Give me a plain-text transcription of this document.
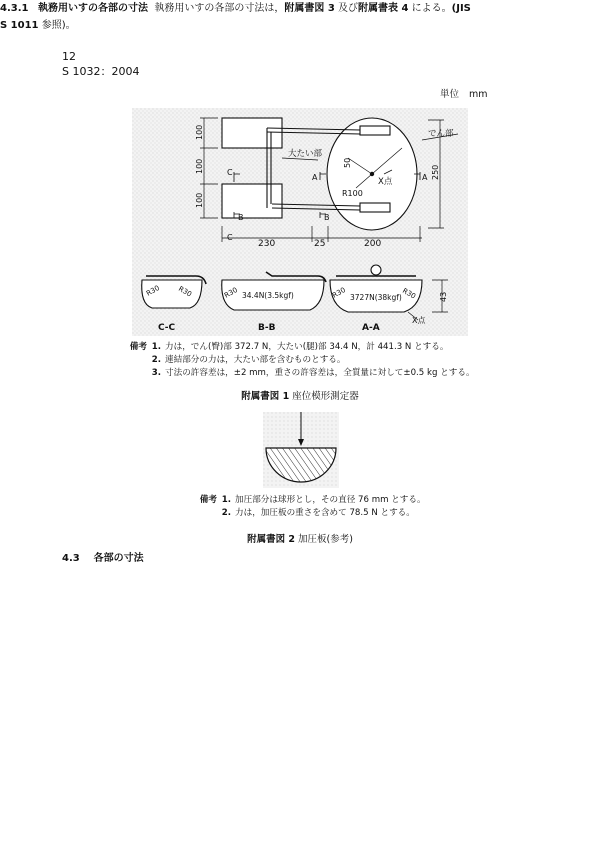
12
S 1032：2004
単位 mm
でん部
大たい部
X点
R100
50
100
100
100
250
230	25	200
C
C
A	A
B	B
R30 R30	R30 34.4N(3.5kgf)	R30 3727N(38kgf) R30	43
X点
C-C	B-B	A-A
備考 1. 力は，でん(臀)部 372.7 N，大たい(腿)部 34.4 N，計 441.3 N とする。
2. 連結部分の力は，大たい部を含むものとする。
3. 寸法の許容差は，±2 mm，重さの許容差は，全質量に対して±0.5 kg とする。
附属書図 1 座位模形測定器
備考 1. 加圧部分は球形とし，その直径 76 mm とする。
2. 力は，加圧板の重さを含めて 78.5 N とする。
附属書図 2 加圧板(参考)
4.3 各部の寸法
4.3.1 執務用いすの各部の寸法 執務用いすの各部の寸法は，附属書図 3 及び附属書表 4 による。(JIS S 1011 参照)。
